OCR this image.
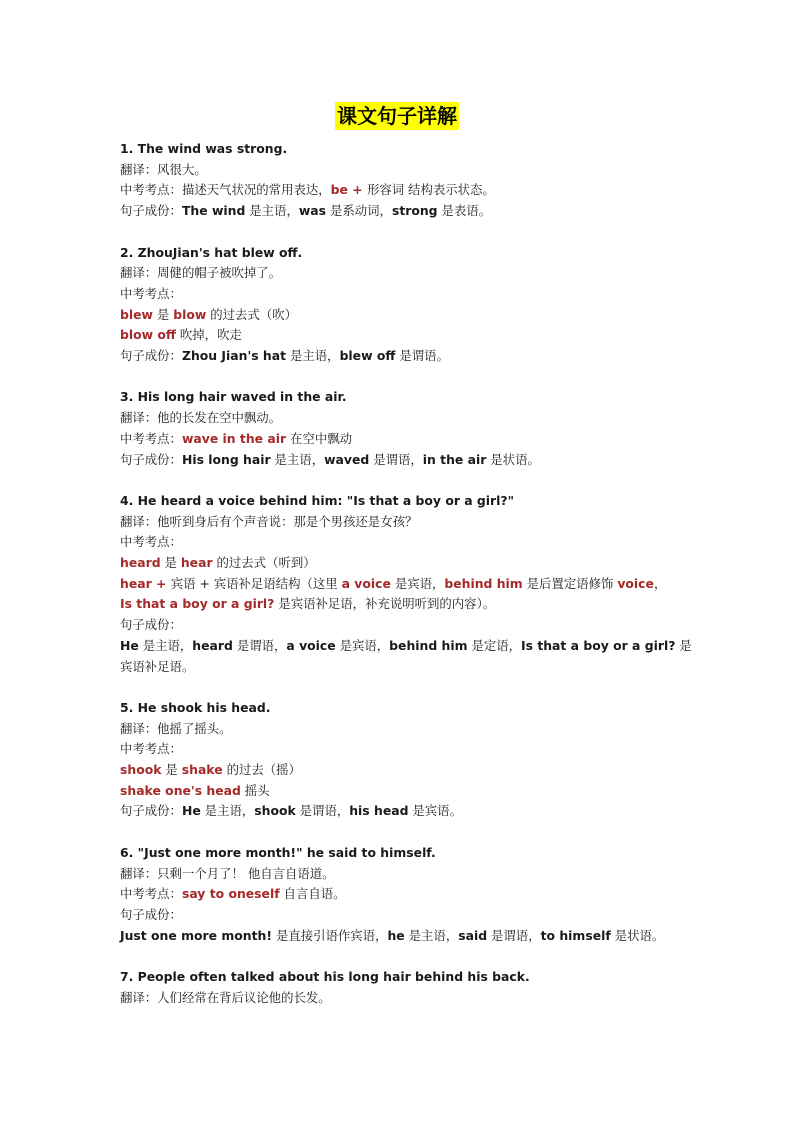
课文句子详解
1. The wind was strong.
翻译：风很大。
中考考点：描述天气状况的常用表达，be + 形容词 结构表示状态。
句子成份：The wind 是主语，was 是系动词，strong 是表语。
2. ZhouJian's hat blew off.
翻译：周健的帽子被吹掉了。
中考考点：
blew 是 blow 的过去式（吹）
blow off 吹掉，吹走
句子成份：Zhou Jian's hat 是主语，blew off 是谓语。
3. His long hair waved in the air.
翻译：他的长发在空中飘动。
中考考点：wave in the air 在空中飘动
句子成份：His long hair 是主语，waved 是谓语，in the air 是状语。
4. He heard a voice behind him: "Is that a boy or a girl?"
翻译：他听到身后有个声音说：那是个男孩还是女孩？
中考考点：
heard 是 hear 的过去式（听到）
hear + 宾语 + 宾语补足语结构（这里 a voice 是宾语，behind him 是后置定语修饰 voice，
Is that a boy or a girl? 是宾语补足语，补充说明听到的内容）。
句子成份：
He 是主语，heard 是谓语，a voice 是宾语，behind him 是定语，Is that a boy or a girl? 是
宾语补足语。
5. He shook his head.
翻译：他摇了摇头。
中考考点：
shook 是 shake 的过去（摇）
shake one's head 摇头
句子成份：He 是主语，shook 是谓语，his head 是宾语。
6. "Just one more month!" he said to himself.
翻译：只剩一个月了！ 他自言自语道。
中考考点：say to oneself 自言自语。
句子成份：
Just one more month! 是直接引语作宾语，he 是主语，said 是谓语，to himself 是状语。
7. People often talked about his long hair behind his back.
翻译：人们经常在背后议论他的长发。
